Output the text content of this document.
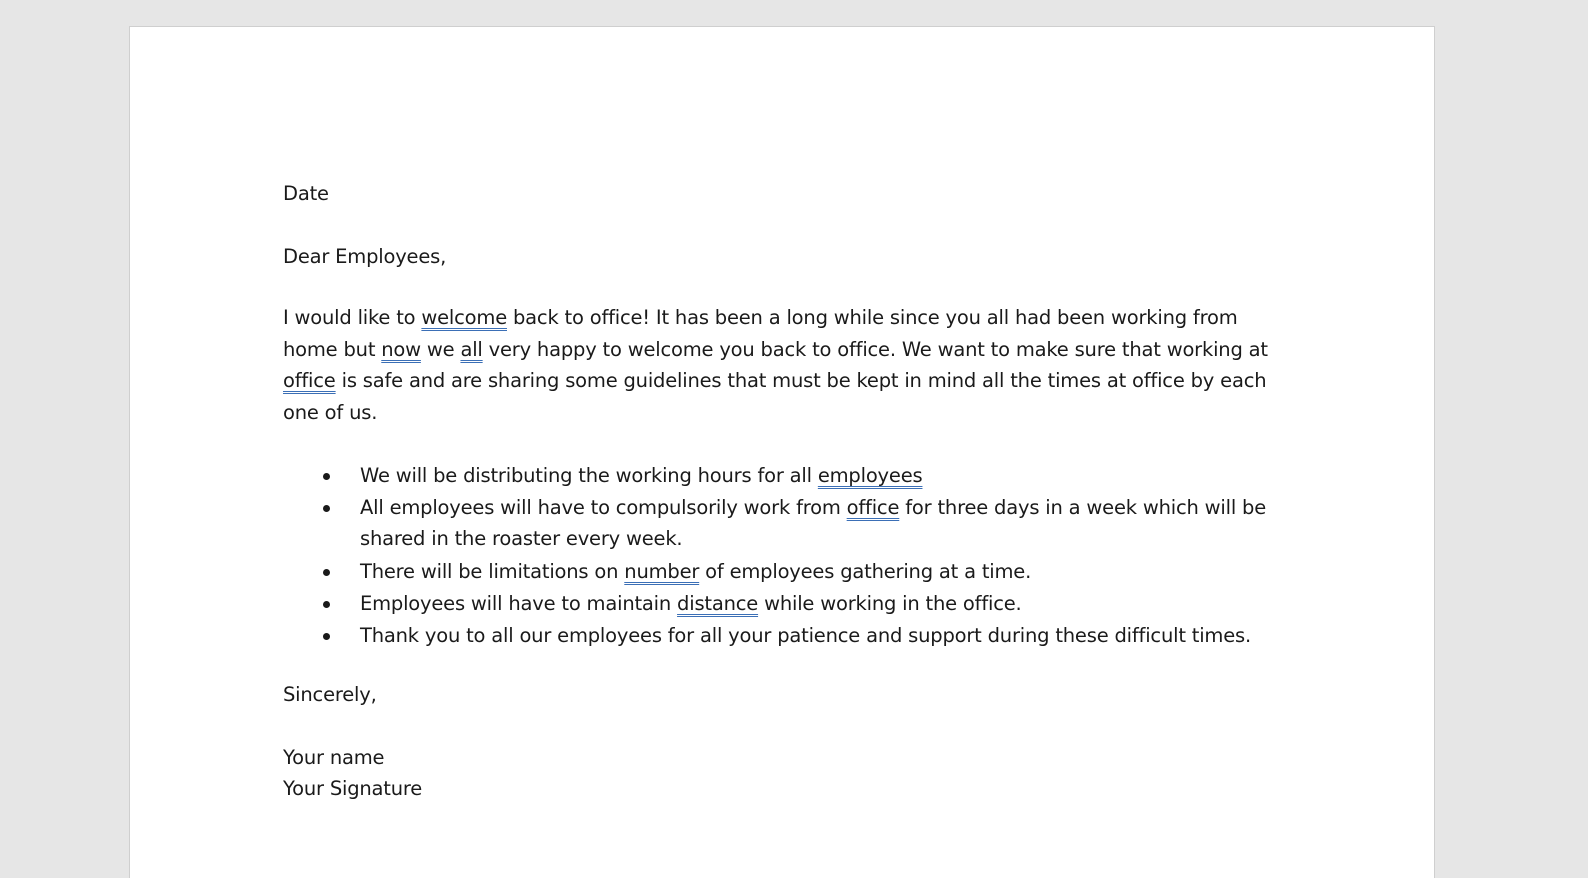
Date
Dear Employees,
I would like to welcome back to office! It has been a long while since you all had been working from
home but now we all very happy to welcome you back to office. We want to make sure that working at
office is safe and are sharing some guidelines that must be kept in mind all the times at office by each
one of us.
We will be distributing the working hours for all employees
All employees will have to compulsorily work from office for three days in a week which will be
shared in the roaster every week.
There will be limitations on number of employees gathering at a time.
Employees will have to maintain distance while working in the office.
Thank you to all our employees for all your patience and support during these difficult times.
Sincerely,
Your name
Your Signature
